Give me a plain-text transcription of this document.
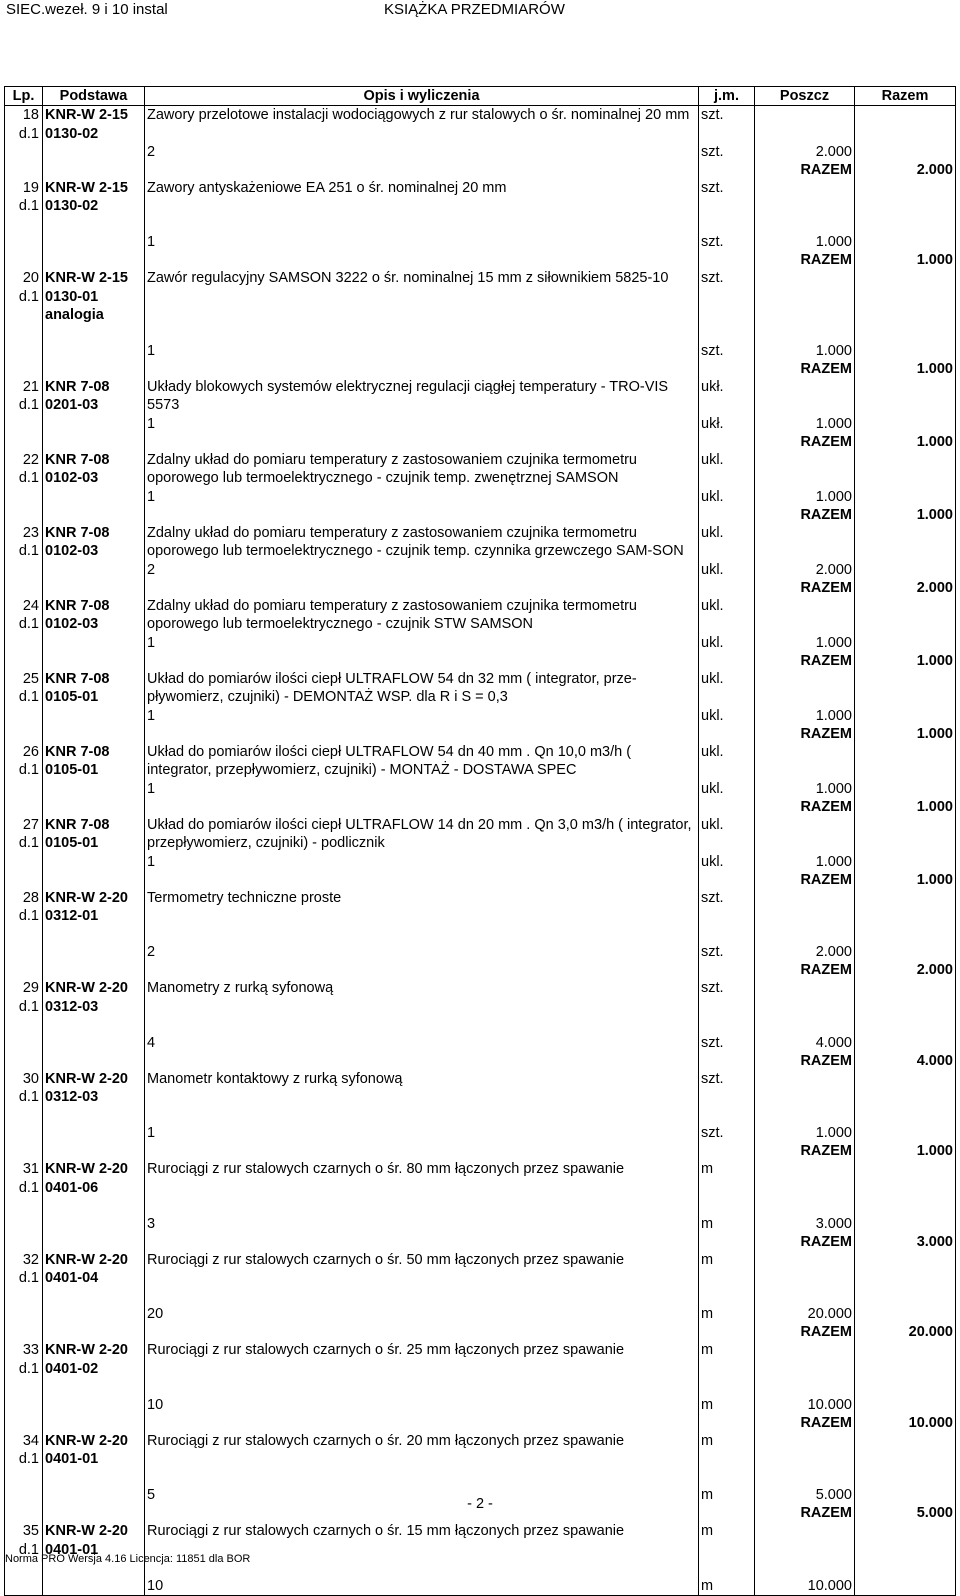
SIEC.wezeł. 9 i 10 instal	KSIĄŻKA PRZEDMIARÓW
Lp.	Podstawa	Opis i wyliczenia	j.m.	Poszcz	Razem
18	KNR-W 2-15	Zawory przelotowe instalacji wodociągowych z rur stalowych o śr. nominalnej 20 mm	szt.		
d.1	0130-02				
		2	szt.	2.000	
				RAZEM	2.000
19	KNR-W 2-15	Zawory antyskażeniowe EA 251 o śr. nominalnej 20 mm	szt.		
d.1	0130-02				

		1	szt.	1.000	
				RAZEM	1.000
20	KNR-W 2-15	Zawór regulacyjny SAMSON 3222 o śr. nominalnej 15 mm z siłownikiem 5825-10	szt.		
d.1	0130-01				
	analogia				

		1	szt.	1.000	
				RAZEM	1.000
21	KNR 7-08	Układy blokowych systemów elektrycznej regulacji ciągłej temperatury - TRO-VIS 5573	ukł.		
d.1	0201-03				
		1	ukł.	1.000	
				RAZEM	1.000
22	KNR 7-08	Zdalny układ do pomiaru temperatury z zastosowaniem czujnika termometru oporowego lub termoelektrycznego - czujnik temp. zwenętrznej SAMSON	ukl.		
d.1	0102-03				
		1	ukl.	1.000	
				RAZEM	1.000
23	KNR 7-08	Zdalny układ do pomiaru temperatury z zastosowaniem czujnika termometru oporowego lub termoelektrycznego - czujnik temp. czynnika grzewczego SAM-SON	ukl.		
d.1	0102-03				
		2	ukl.	2.000	
				RAZEM	2.000
24	KNR 7-08	Zdalny układ do pomiaru temperatury z zastosowaniem czujnika termometru oporowego lub termoelektrycznego - czujnik STW SAMSON	ukl.		
d.1	0102-03				
		1	ukl.	1.000	
				RAZEM	1.000
25	KNR 7-08	Układ do pomiarów ilości ciepł ULTRAFLOW 54 dn 32 mm ( integrator, prze-pływomierz, czujniki) - DEMONTAŻ WSP. dla R i S = 0,3	ukl.		
d.1	0105-01				
		1	ukl.	1.000	
				RAZEM	1.000
26	KNR 7-08	Układ do pomiarów ilości ciepł ULTRAFLOW 54 dn 40 mm . Qn 10,0 m3/h ( integrator, przepływomierz, czujniki) - MONTAŻ - DOSTAWA SPEC	ukl.		
d.1	0105-01				
		1	ukl.	1.000	
				RAZEM	1.000
27	KNR 7-08	Układ do pomiarów ilości ciepł ULTRAFLOW 14 dn 20 mm . Qn 3,0 m3/h ( integrator, przepływomierz, czujniki) - podlicznik	ukl.		
d.1	0105-01				
		1	ukl.	1.000	
				RAZEM	1.000
28	KNR-W 2-20	Termometry techniczne proste	szt.		
d.1	0312-01				

		2	szt.	2.000	
				RAZEM	2.000
29	KNR-W 2-20	Manometry z rurką syfonową	szt.		
d.1	0312-03				

		4	szt.	4.000	
				RAZEM	4.000
30	KNR-W 2-20	Manometr kontaktowy z rurką syfonową	szt.		
d.1	0312-03				

		1	szt.	1.000	
				RAZEM	1.000
31	KNR-W 2-20	Rurociągi z rur stalowych czarnych o śr. 80 mm łączonych przez spawanie	m		
d.1	0401-06				

		3	m	3.000	
				RAZEM	3.000
32	KNR-W 2-20	Rurociągi z rur stalowych czarnych o śr. 50 mm łączonych przez spawanie	m		
d.1	0401-04				

		20	m	20.000	
				RAZEM	20.000
33	KNR-W 2-20	Rurociągi z rur stalowych czarnych o śr. 25 mm łączonych przez spawanie	m		
d.1	0401-02				

		10	m	10.000	
				RAZEM	10.000
34	KNR-W 2-20	Rurociągi z rur stalowych czarnych o śr. 20 mm łączonych przez spawanie	m		
d.1	0401-01				

		5	m	5.000	
				RAZEM	5.000
35	KNR-W 2-20	Rurociągi z rur stalowych czarnych o śr. 15 mm łączonych przez spawanie	m		
d.1	0401-01				

		10	m	10.000	
- 2 -
Norma PRO Wersja 4.16 Licencja: 11851 dla BOR
